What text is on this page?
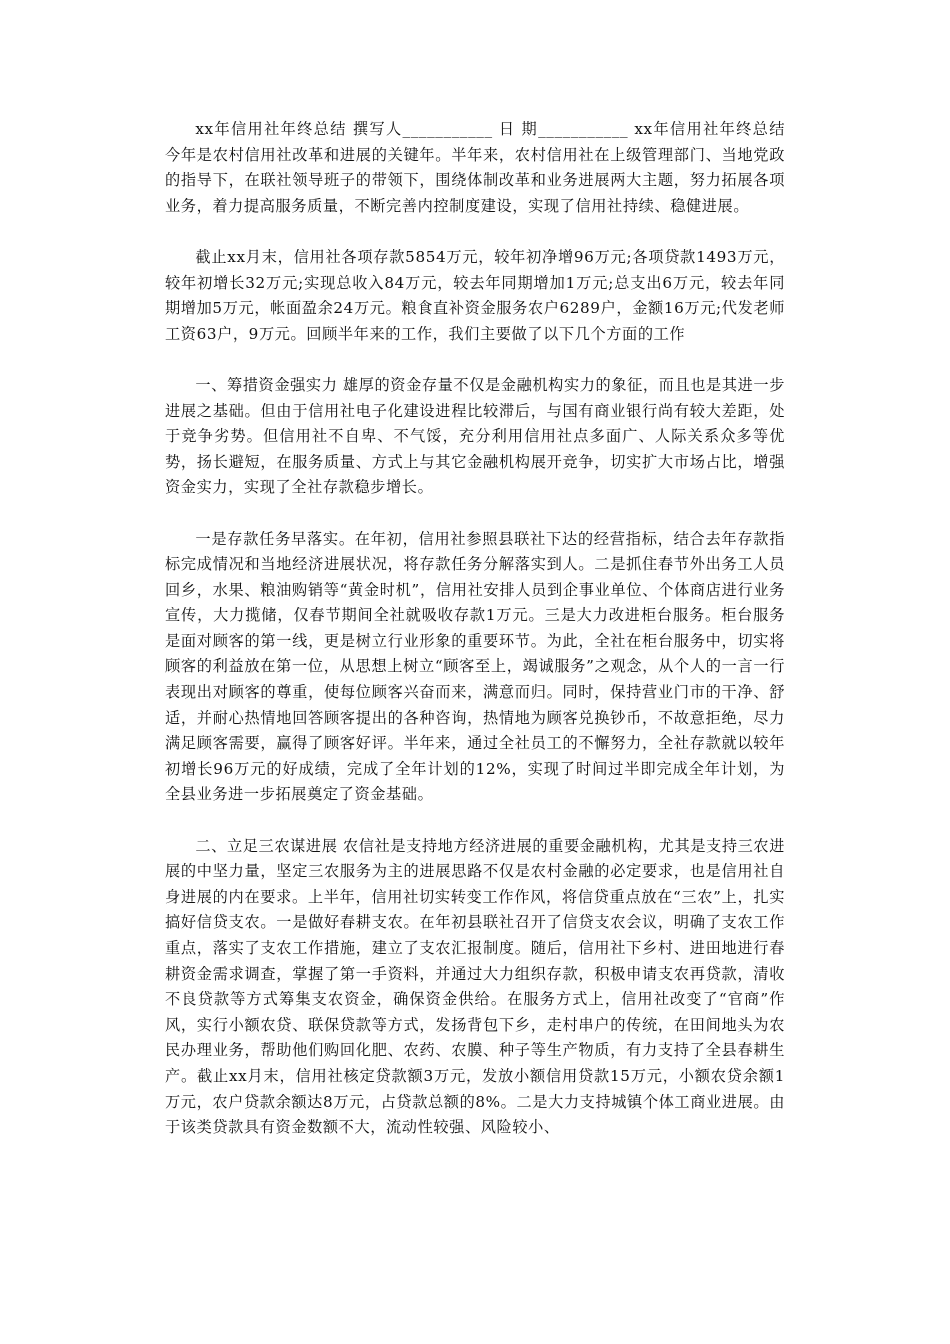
xx年信用社年终总结 撰写人___________ 日 期___________ xx年信用社年终总结 今年是农村信用社改革和进展的关键年。半年来，农村信用社在上级管理部门、当地党政的指导下，在联社领导班子的带领下，围绕体制改革和业务进展两大主题，努力拓展各项业务，着力提高服务质量，不断完善内控制度建设，实现了信用社持续、稳健进展。

截止xx月末，信用社各项存款5854万元，较年初净增96万元;各项贷款1493万元，较年初增长32万元;实现总收入84万元，较去年同期增加1万元;总支出6万元，较去年同期增加5万元，帐面盈余24万元。粮食直补资金服务农户6289户，金额16万元;代发老师工资63户，9万元。回顾半年来的工作，我们主要做了以下几个方面的工作

一、筹措资金强实力 雄厚的资金存量不仅是金融机构实力的象征，而且也是其进一步进展之基础。但由于信用社电子化建设进程比较滞后，与国有商业银行尚有较大差距，处于竞争劣势。但信用社不自卑、不气馁，充分利用信用社点多面广、人际关系众多等优势，扬长避短，在服务质量、方式上与其它金融机构展开竞争，切实扩大市场占比，增强资金实力，实现了全社存款稳步增长。

一是存款任务早落实。在年初，信用社参照县联社下达的经营指标，结合去年存款指标完成情况和当地经济进展状况，将存款任务分解落实到人。二是抓住春节外出务工人员回乡，水果、粮油购销等“黄金时机”，信用社安排人员到企事业单位、个体商店进行业务宣传，大力揽储，仅春节期间全社就吸收存款1万元。三是大力改进柜台服务。柜台服务是面对顾客的第一线，更是树立行业形象的重要环节。为此，全社在柜台服务中，切实将顾客的利益放在第一位，从思想上树立“顾客至上，竭诚服务”之观念，从个人的一言一行表现出对顾客的尊重，使每位顾客兴奋而来，满意而归。同时，保持营业门市的干净、舒适，并耐心热情地回答顾客提出的各种咨询，热情地为顾客兑换钞币，不故意拒绝，尽力满足顾客需要，赢得了顾客好评。半年来，通过全社员工的不懈努力，全社存款就以较年初增长96万元的好成绩，完成了全年计划的12%，实现了时间过半即完成全年计划，为全县业务进一步拓展奠定了资金基础。

二、立足三农谋进展 农信社是支持地方经济进展的重要金融机构，尤其是支持三农进展的中坚力量，坚定三农服务为主的进展思路不仅是农村金融的必定要求，也是信用社自身进展的内在要求。上半年，信用社切实转变工作作风，将信贷重点放在“三农”上，扎实搞好信贷支农。一是做好春耕支农。在年初县联社召开了信贷支农会议，明确了支农工作重点，落实了支农工作措施，建立了支农汇报制度。随后，信用社下乡村、进田地进行春耕资金需求调查，掌握了第一手资料，并通过大力组织存款，积极申请支农再贷款，清收不良贷款等方式筹集支农资金，确保资金供给。在服务方式上，信用社改变了“官商”作风，实行小额农贷、联保贷款等方式，发扬背包下乡，走村串户的传统，在田间地头为农民办理业务，帮助他们购回化肥、农药、农膜、种子等生产物质，有力支持了全县春耕生产。截止xx月末，信用社核定贷款额3万元，发放小额信用贷款15万元，小额农贷余额1万元，农户贷款余额达8万元，占贷款总额的8%。二是大力支持城镇个体工商业进展。由于该类贷款具有资金数额不大，流动性较强、风险较小、
